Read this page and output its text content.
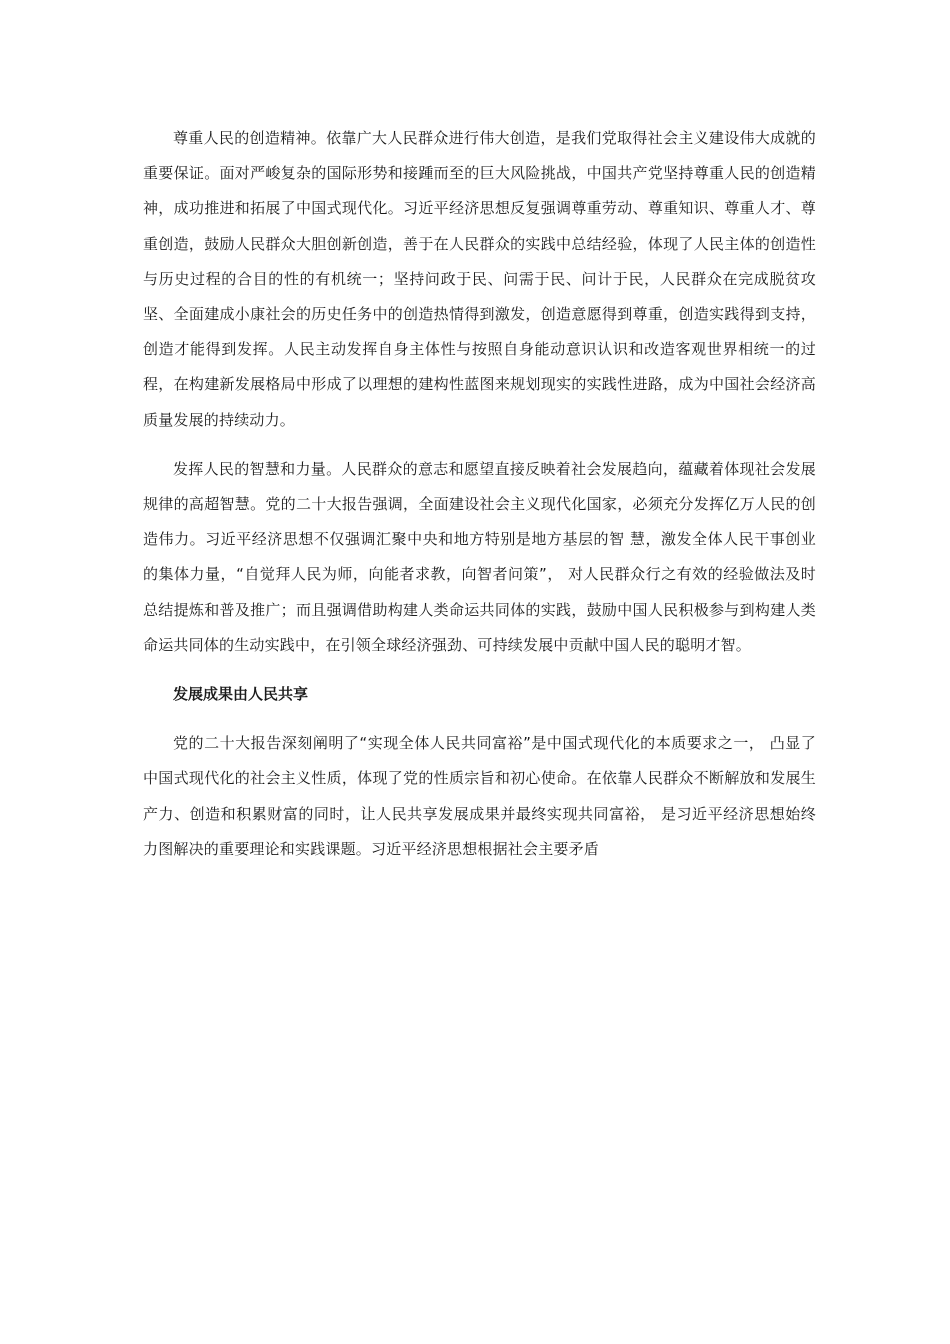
尊重人民的创造精神。依靠广大人民群众进行伟大创造，是我们党取得社会主义建设伟大成就的重要保证。面对严峻复杂的国际形势和接踵而至的巨大风险挑战，中国共产党坚持尊重人民的创造精神，成功推进和拓展了中国式现代化。习近平经济思想反复强调尊重劳动、尊重知识、尊重人才、尊重创造，鼓励人民群众大胆创新创造，善于在人民群众的实践中总结经验，体现了人民主体的创造性与历史过程的合目的性的有机统一；坚持问政于民、问需于民、问计于民，人民群众在完成脱贫攻坚、全面建成小康社会的历史任务中的创造热情得到激发，创造意愿得到尊重，创造实践得到支持，创造才能得到发挥。人民主动发挥自身主体性与按照自身能动意识认识和改造客观世界相统一的过程，在构建新发展格局中形成了以理想的建构性蓝图来规划现实的实践性进路，成为中国社会经济高质量发展的持续动力。

发挥人民的智慧和力量。人民群众的意志和愿望直接反映着社会发展趋向，蕴藏着体现社会发展规律的高超智慧。党的二十大报告强调，全面建设社会主义现代化国家，必须充分发挥亿万人民的创造伟力。习近平经济思想不仅强调汇聚中央和地方特别是地方基层的智 慧，激发全体人民干事创业的集体力量，“自觉拜人民为师，向能者求教，向智者问策”， 对人民群众行之有效的经验做法及时总结提炼和普及推广；而且强调借助构建人类命运共同体的实践，鼓励中国人民积极参与到构建人类命运共同体的生动实践中，在引领全球经济强劲、可持续发展中贡献中国人民的聪明才智。

发展成果由人民共享

党的二十大报告深刻阐明了“实现全体人民共同富裕”是中国式现代化的本质要求之一， 凸显了中国式现代化的社会主义性质，体现了党的性质宗旨和初心使命。在依靠人民群众不断解放和发展生产力、创造和积累财富的同时，让人民共享发展成果并最终实现共同富裕， 是习近平经济思想始终力图解决的重要理论和实践课题。习近平经济思想根据社会主要矛盾
